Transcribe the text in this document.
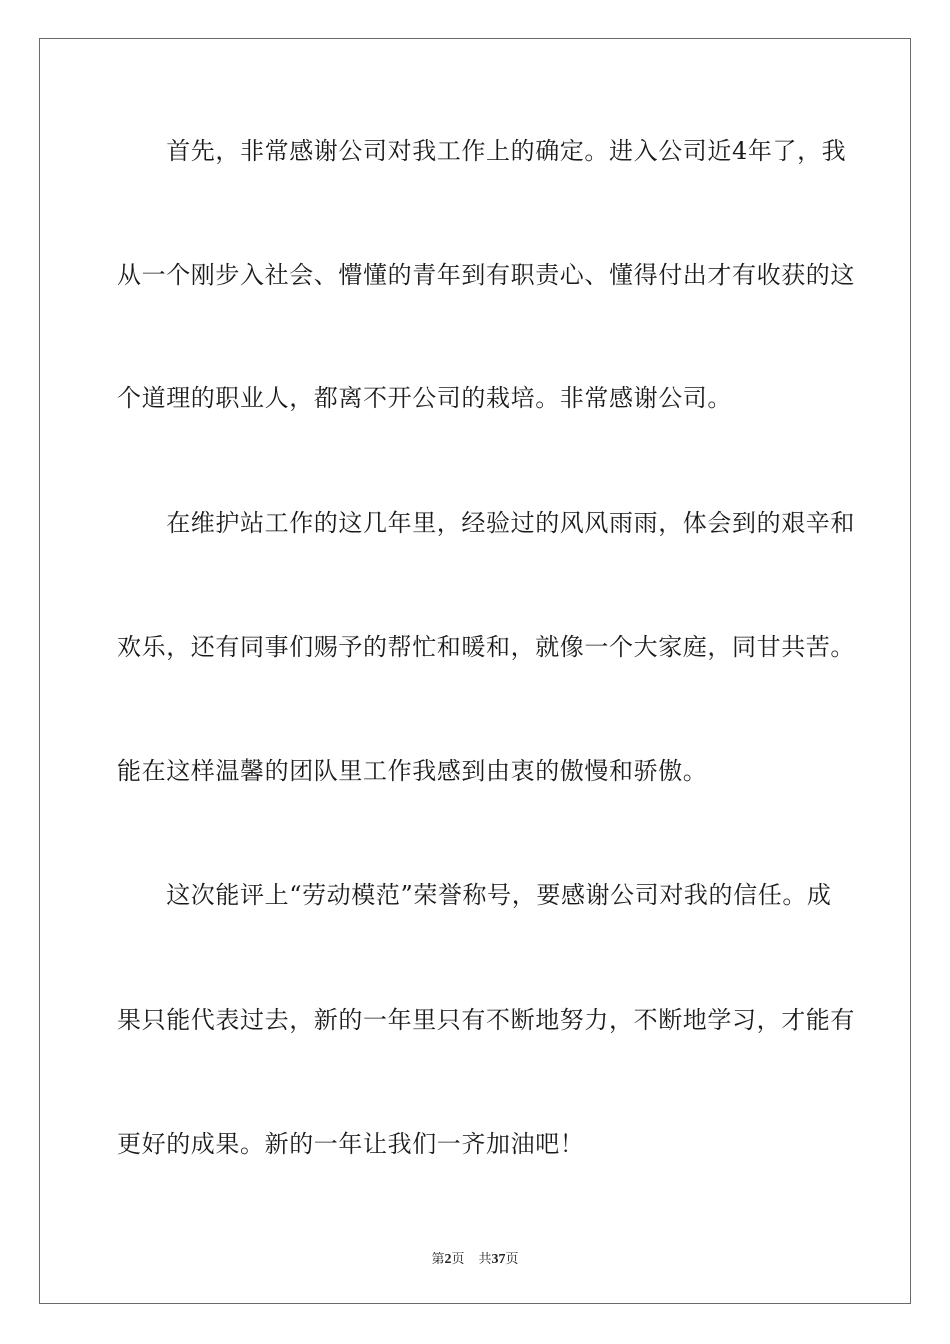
　　首先，非常感谢公司对我工作上的确定。进入公司近4年了，我
从一个刚步入社会、懵懂的青年到有职责心、懂得付出才有收获的这
个道理的职业人，都离不开公司的栽培。非常感谢公司。
　　在维护站工作的这几年里，经验过的风风雨雨，体会到的艰辛和
欢乐，还有同事们赐予的帮忙和暖和，就像一个大家庭，同甘共苦。
能在这样温馨的团队里工作我感到由衷的傲慢和骄傲。
　　这次能评上“劳动模范”荣誉称号，要感谢公司对我的信任。成
果只能代表过去，新的一年里只有不断地努力，不断地学习，才能有
更好的成果。新的一年让我们一齐加油吧！
第2页 共37页
